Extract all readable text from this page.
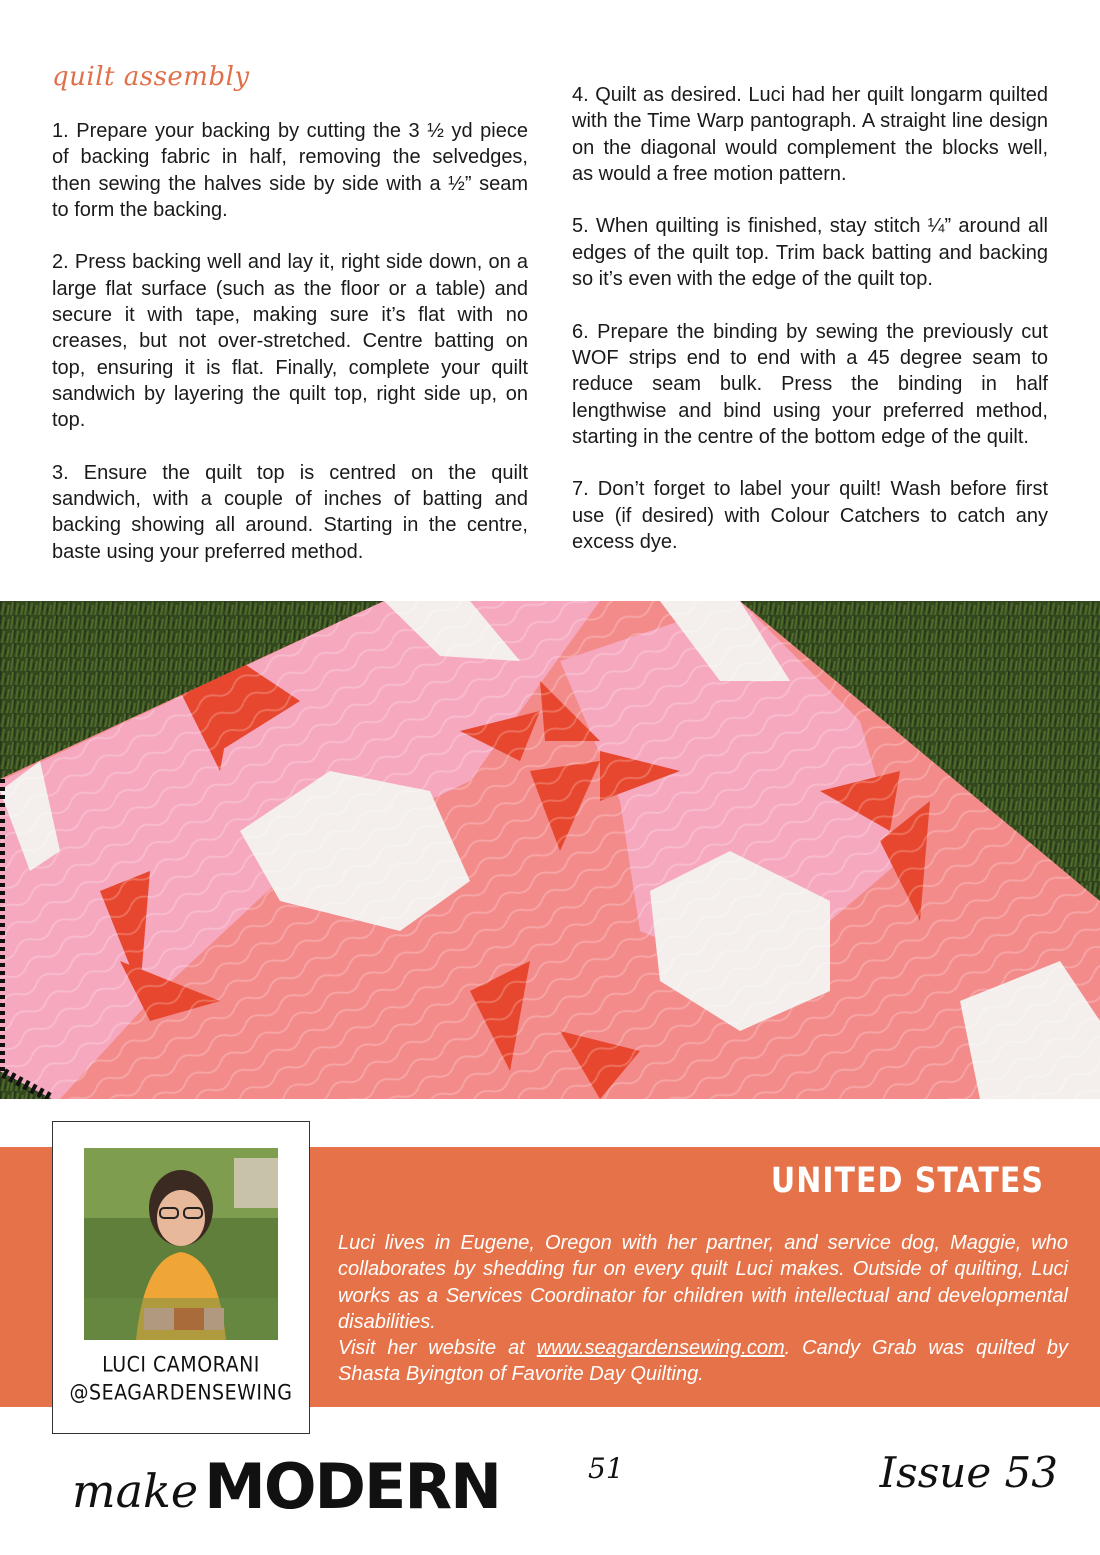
quilt assembly

1. Prepare your backing by cutting the 3 ½ yd piece of backing fabric in half, removing the selvedges, then sewing the halves side by side with a ½” seam to form the backing.

2. Press backing well and lay it, right side down, on a large flat surface (such as the floor or a table) and secure it with tape, making sure it’s flat with no creases, but not over-stretched. Centre batting on top, ensuring it is flat. Finally, complete your quilt sandwich by layering the quilt top, right side up, on top.

3. Ensure the quilt top is centred on the quilt sandwich, with a couple of inches of batting and backing showing all around. Starting in the centre, baste using your preferred method.

4. Quilt as desired. Luci had her quilt longarm quilted with the Time Warp pantograph. A straight line design on the diagonal would complement the blocks well, as would a free motion pattern.

5. When quilting is finished, stay stitch ¼” around all edges of the quilt top. Trim back batting and backing so it’s even with the edge of the quilt top.

6. Prepare the binding by sewing the previously cut WOF strips end to end with a 45 degree seam to reduce seam bulk. Press the binding in half lengthwise and bind using your preferred method, starting in the centre of the bottom edge of the quilt.

7. Don’t forget to label your quilt! Wash before first use (if desired) with Colour Catchers to catch any excess dye.

UNITED STATES

Luci lives in Eugene, Oregon with her partner, and service dog, Maggie, who collaborates by shedding fur on every quilt Luci makes. Outside of quilting, Luci works as a Services Coordinator for children with intellectual and developmental disabilities.

Visit her website at www.seagardensewing.com. Candy Grab was quilted by Shasta Byington of Favorite Day Quilting.

LUCI CAMORANI
@SEAGARDENSEWING
make MODERN	51	Issue 53
